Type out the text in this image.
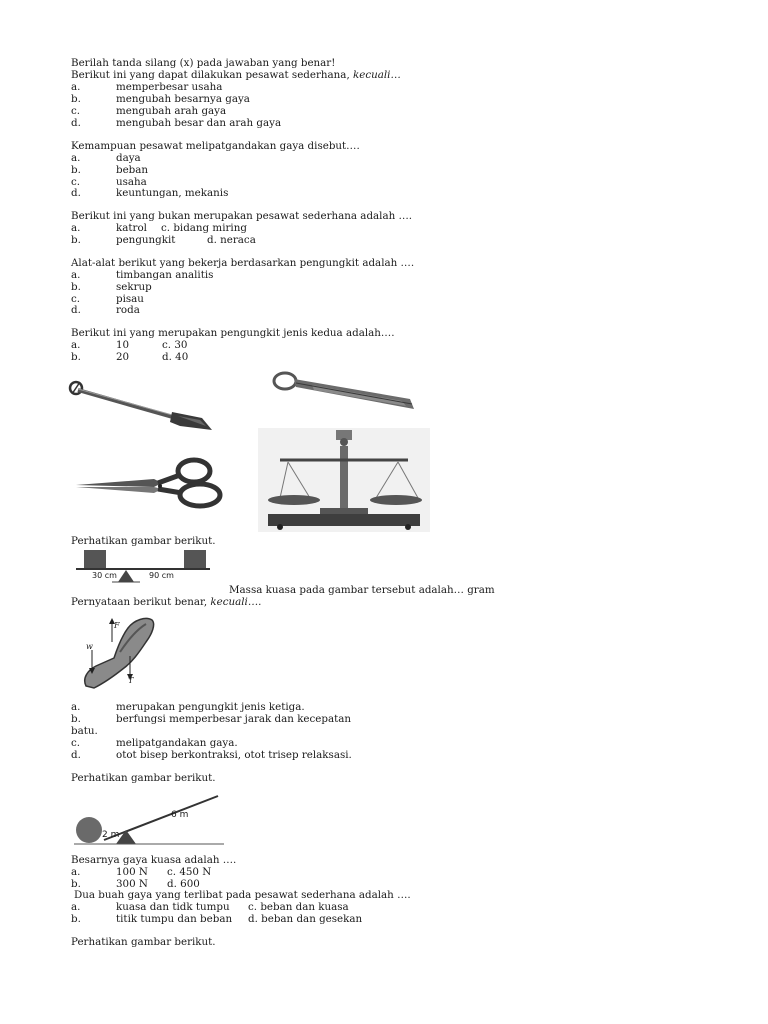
Berilah tanda silang (x) pada jawaban yang benar!
Berikut ini yang dapat dilakukan pesawat sederhana, kecuali…
a.	memperbesar usaha
b.	mengubah besarnya gaya
c.	mengubah arah gaya
d.	mengubah besar dan arah gaya
Kemampuan pesawat melipatgandakan gaya disebut….
a.	daya
b.	beban
c.	usaha
d.	keuntungan, mekanis
Berikut ini yang bukan merupakan pesawat sederhana adalah ….
a.	katrol c. bidang miring
b.	pengungkit	d. neraca
Alat-alat berikut yang bekerja berdasarkan pengungkit adalah ….
a.	timbangan analitis
b.	sekrup
c.	pisau
d.	roda
Berikut ini yang merupakan pengungkit jenis kedua adalah….
a.	10	c. 30
b.	20	d. 40
Perhatikan gambar berikut.
30 cm	90 cm
Massa kuasa pada gambar tersebut adalah… gram
Pernyataan berikut benar, kecuali….
F
w
T
a.	merupakan pengungkit jenis ketiga.
b.	berfungsi memperbesar jarak dan kecepatan
batu.
c.	melipatgandakan gaya.
d.	otot bisep berkontraksi, otot trisep relaksasi.
Perhatikan gambar berikut.
6 m
2 m
Besarnya gaya kuasa adalah ….
a.	100 N c. 450 N
b.	300 N d. 600
Dua buah gaya yang terlibat pada pesawat sederhana adalah ….
a.	kuasa dan tidk tumpu c. beban dan kuasa
b.	titik tumpu dan beban d. beban dan gesekan
Perhatikan gambar berikut.
